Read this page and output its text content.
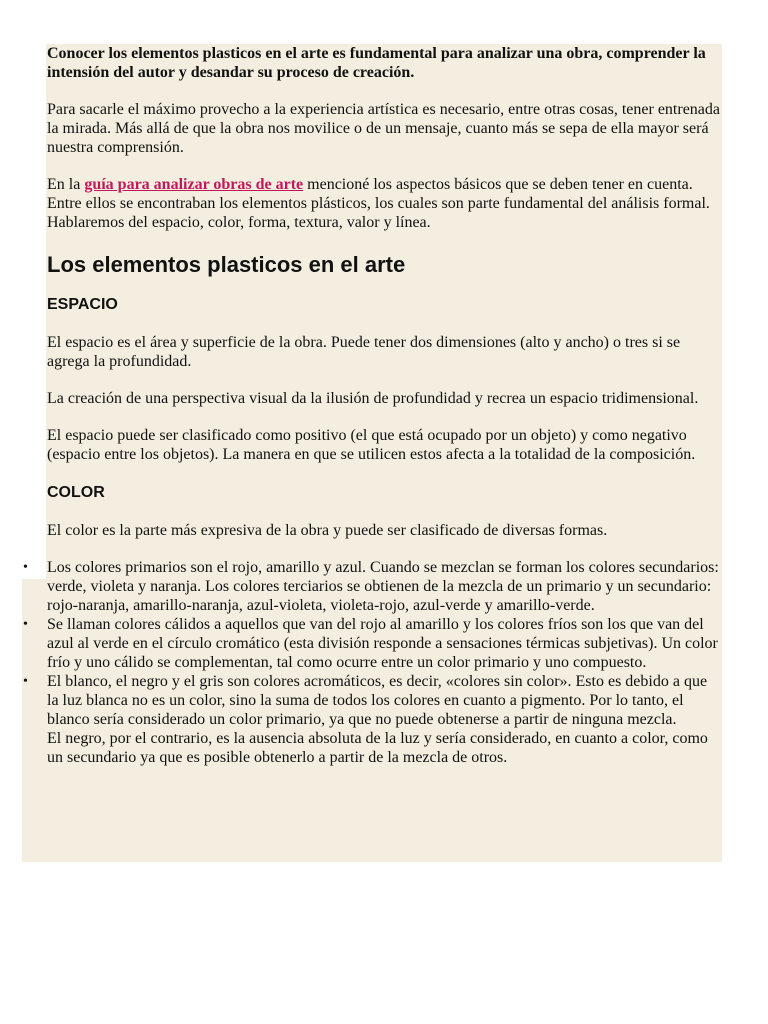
Conocer los elementos plasticos en el arte es fundamental para analizar una obra, comprender la intensión del autor y desandar su proceso de creación.

Para sacarle el máximo provecho a la experiencia artística es necesario, entre otras cosas, tener entrenada la mirada. Más allá de que la obra nos movilice o de un mensaje, cuanto más se sepa de ella mayor será nuestra comprensión.

En la guía para analizar obras de arte mencioné los aspectos básicos que se deben tener en cuenta. Entre ellos se encontraban los elementos plásticos, los cuales son parte fundamental del análisis formal. Hablaremos del espacio, color, forma, textura, valor y línea.

Los elementos plasticos en el arte
ESPACIO

El espacio es el área y superficie de la obra. Puede tener dos dimensiones (alto y ancho) o tres si se agrega la profundidad.

La creación de una perspectiva visual da la ilusión de profundidad y recrea un espacio tridimensional.

El espacio puede ser clasificado como positivo (el que está ocupado por un objeto) y como negativo (espacio entre los objetos). La manera en que se utilicen estos afecta a la totalidad de la composición.

COLOR

El color es la parte más expresiva de la obra y puede ser clasificado de diversas formas.

• Los colores primarios son el rojo, amarillo y azul. Cuando se mezclan se forman los colores secundarios: verde, violeta y naranja. Los colores terciarios se obtienen de la mezcla de un primario y un secundario: rojo-naranja, amarillo-naranja, azul-violeta, violeta-rojo, azul-verde y amarillo-verde.
• Se llaman colores cálidos a aquellos que van del rojo al amarillo y los colores fríos son los que van del azul al verde en el círculo cromático (esta división responde a sensaciones térmicas subjetivas). Un color frío y uno cálido se complementan, tal como ocurre entre un color primario y uno compuesto.
• El blanco, el negro y el gris son colores acromáticos, es decir, «colores sin color». Esto es debido a que la luz blanca no es un color, sino la suma de todos los colores en cuanto a pigmento. Por lo tanto, el blanco sería considerado un color primario, ya que no puede obtenerse a partir de ninguna mezcla.
El negro, por el contrario, es la ausencia absoluta de la luz y sería considerado, en cuanto a color, como un secundario ya que es posible obtenerlo a partir de la mezcla de otros.
